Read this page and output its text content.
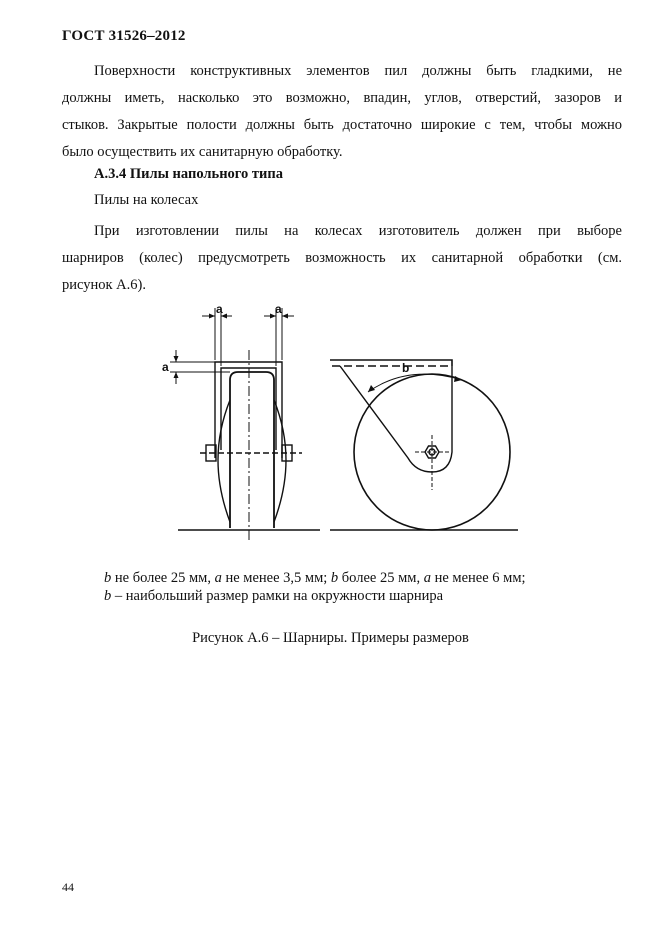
ГОСТ 31526–2012
Поверхности конструктивных элементов пил должны быть гладкими, не
должны иметь, насколько это возможно, впадин, углов, отверстий, зазоров и
стыков. Закрытые полости должны быть достаточно широкие с тем, чтобы можно
было осуществить их санитарную обработку.
А.3.4 Пилы напольного типа
Пилы на колесах
При изготовлении пилы на колесах изготовитель должен при выборе
шарниров (колес) предусмотреть возможность их санитарной обработки (см.
рисунок А.6).
a	a
a	b
b не более 25 мм, a не менее 3,5 мм; b более 25 мм, a не менее 6 мм;
b – наибольший размер рамки на окружности шарнира
Рисунок А.6 – Шарниры. Примеры размеров
44
